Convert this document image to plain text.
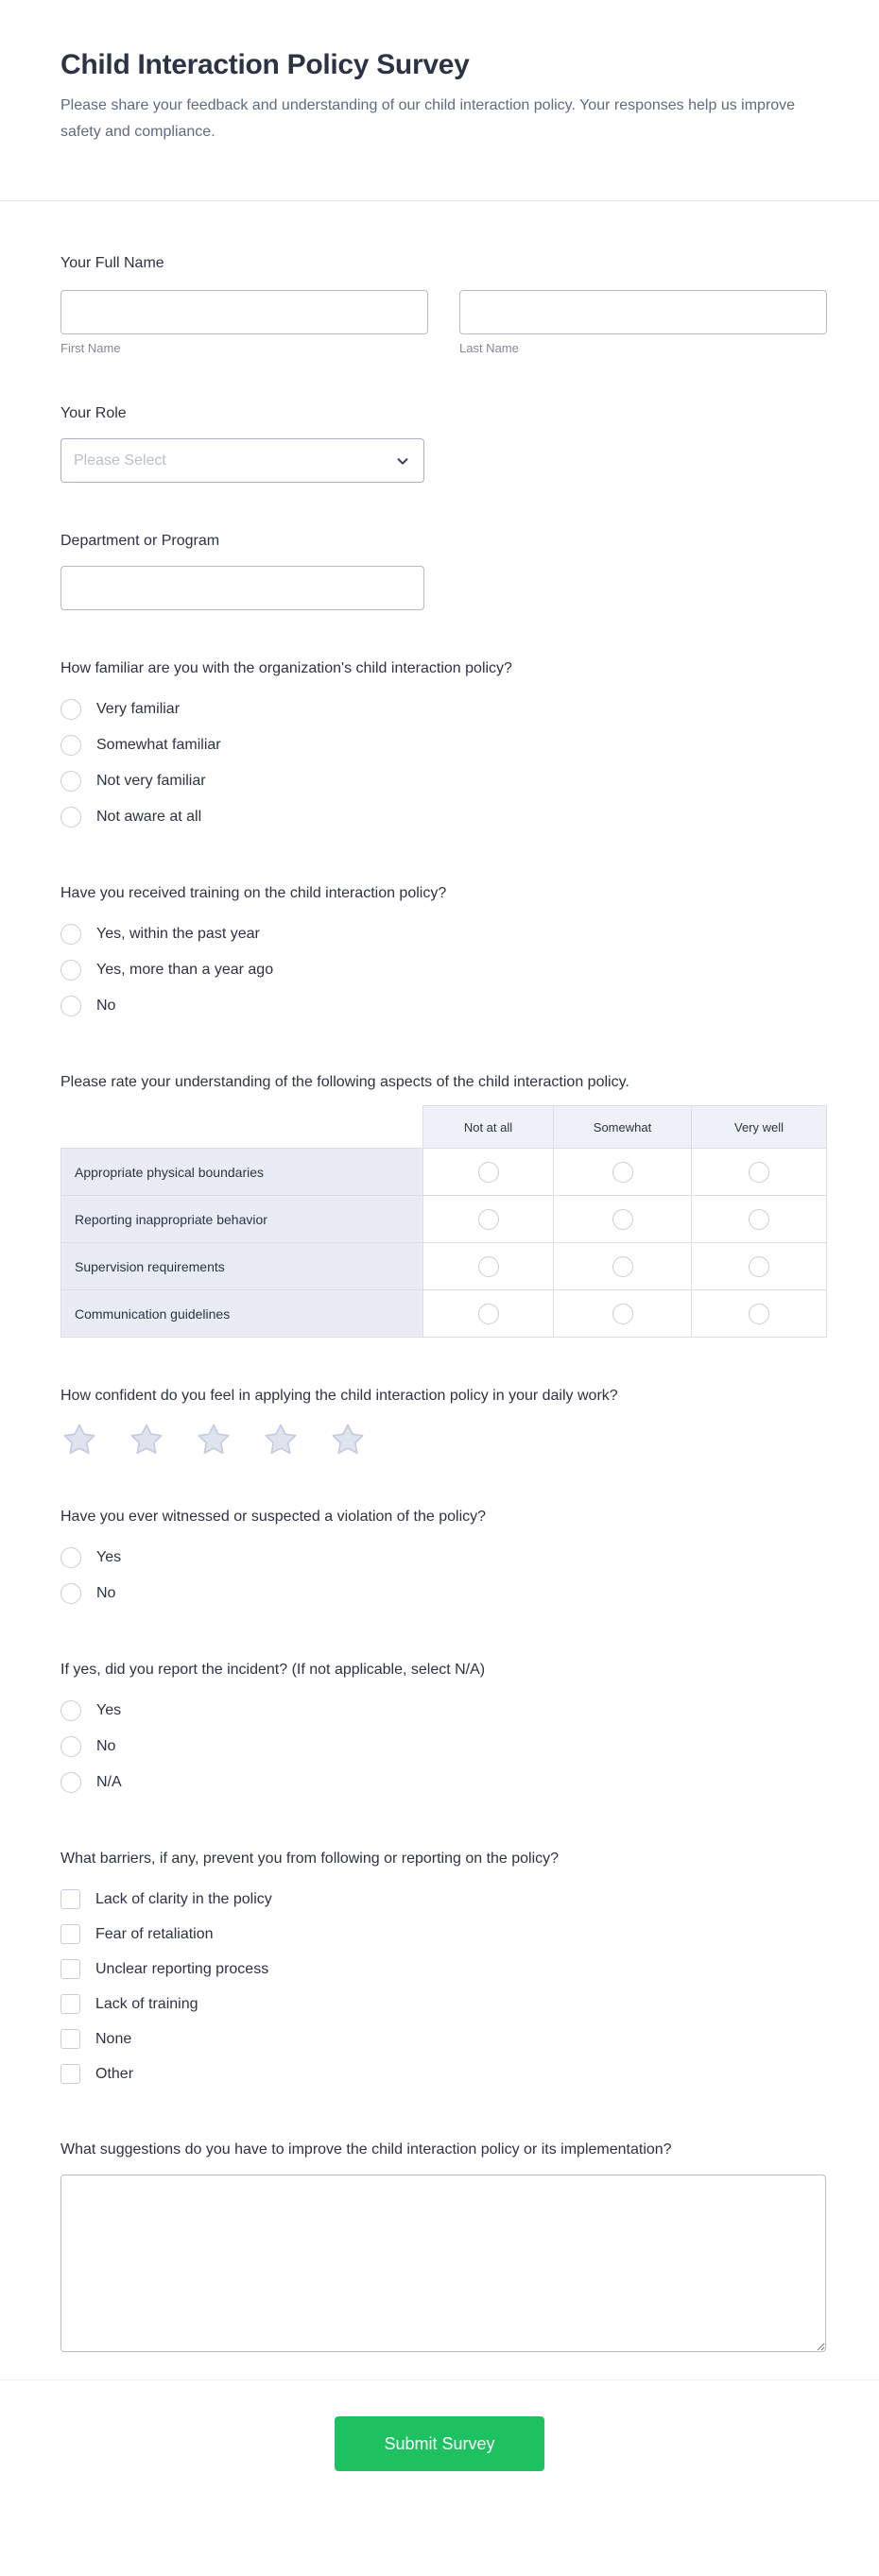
Child Interaction Policy Survey

Please share your feedback and understanding of our child interaction policy. Your responses help us improve safety and compliance.

Your Full Name
First Name	Last Name
Your Role
Please Select
Department or Program
How familiar are you with the organization's child interaction policy?
Very familiar
Somewhat familiar
Not very familiar
Not aware at all
Have you received training on the child interaction policy?
Yes, within the past year
Yes, more than a year ago
No
Please rate your understanding of the following aspects of the child interaction policy.
	Not at all	Somewhat	Very well
Appropriate physical boundaries			
Reporting inappropriate behavior			
Supervision requirements			
Communication guidelines			
How confident do you feel in applying the child interaction policy in your daily work?
Have you ever witnessed or suspected a violation of the policy?
Yes
No
If yes, did you report the incident? (If not applicable, select N/A)
Yes
No
N/A
What barriers, if any, prevent you from following or reporting on the policy?
Lack of clarity in the policy
Fear of retaliation
Unclear reporting process
Lack of training
None
Other
What suggestions do you have to improve the child interaction policy or its implementation?
Submit Survey
